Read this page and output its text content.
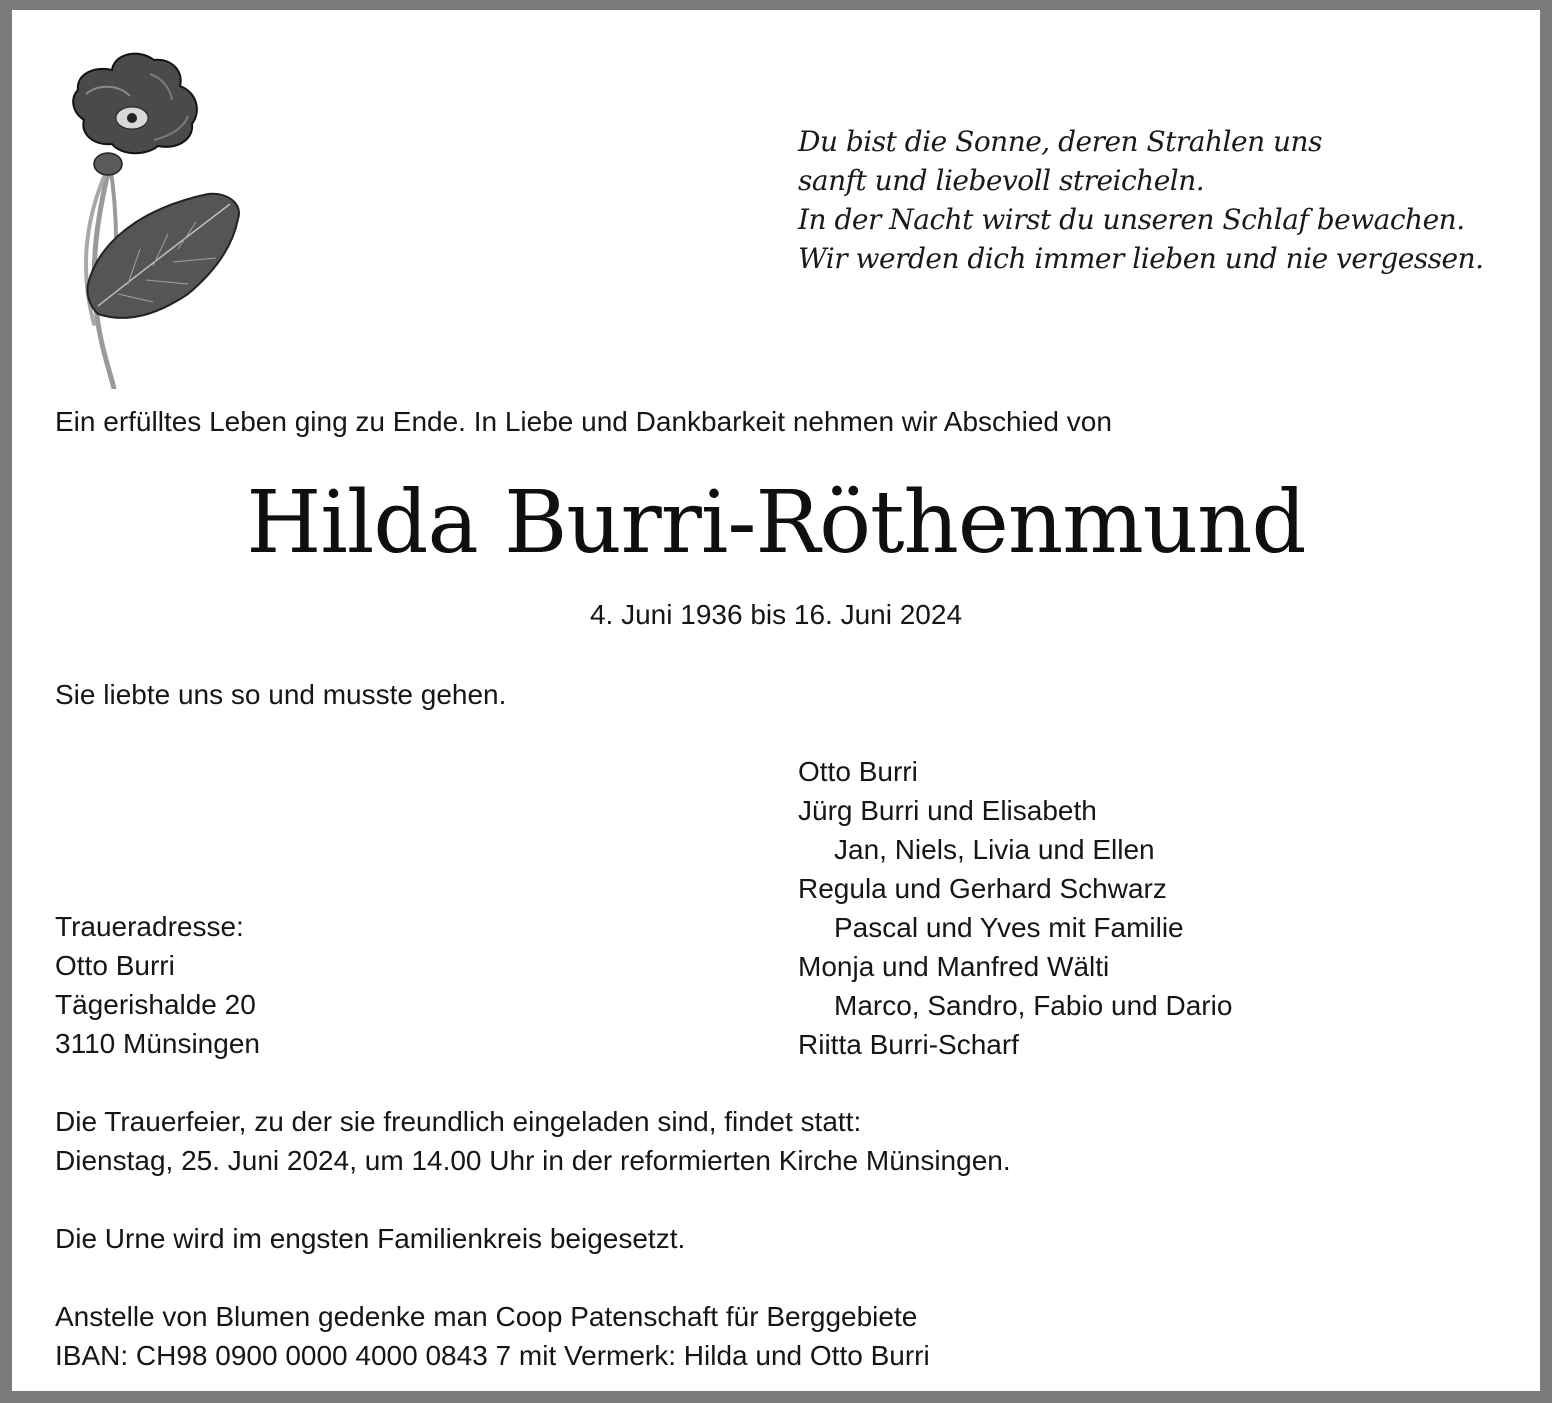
Du bist die Sonne, deren Strahlen uns
sanft und liebevoll streicheln.
In der Nacht wirst du unseren Schlaf bewachen.
Wir werden dich immer lieben und nie vergessen.
Ein erfülltes Leben ging zu Ende. In Liebe und Dankbarkeit nehmen wir Abschied von
Hilda Burri-Röthenmund
4. Juni 1936 bis 16. Juni 2024
Sie liebte uns so und musste gehen.
Otto Burri
Jürg Burri und Elisabeth
Jan, Niels, Livia und Ellen
Regula und Gerhard Schwarz
Pascal und Yves mit Familie
Monja und Manfred Wälti
Marco, Sandro, Fabio und Dario
Riitta Burri-Scharf
Traueradresse:
Otto Burri
Tägerishalde 20
3110 Münsingen
Die Trauerfeier, zu der sie freundlich eingeladen sind, findet statt:
Dienstag, 25. Juni 2024, um 14.00 Uhr in der reformierten Kirche Münsingen.
Die Urne wird im engsten Familienkreis beigesetzt.
Anstelle von Blumen gedenke man Coop Patenschaft für Berggebiete
IBAN: CH98 0900 0000 4000 0843 7 mit Vermerk: Hilda und Otto Burri
